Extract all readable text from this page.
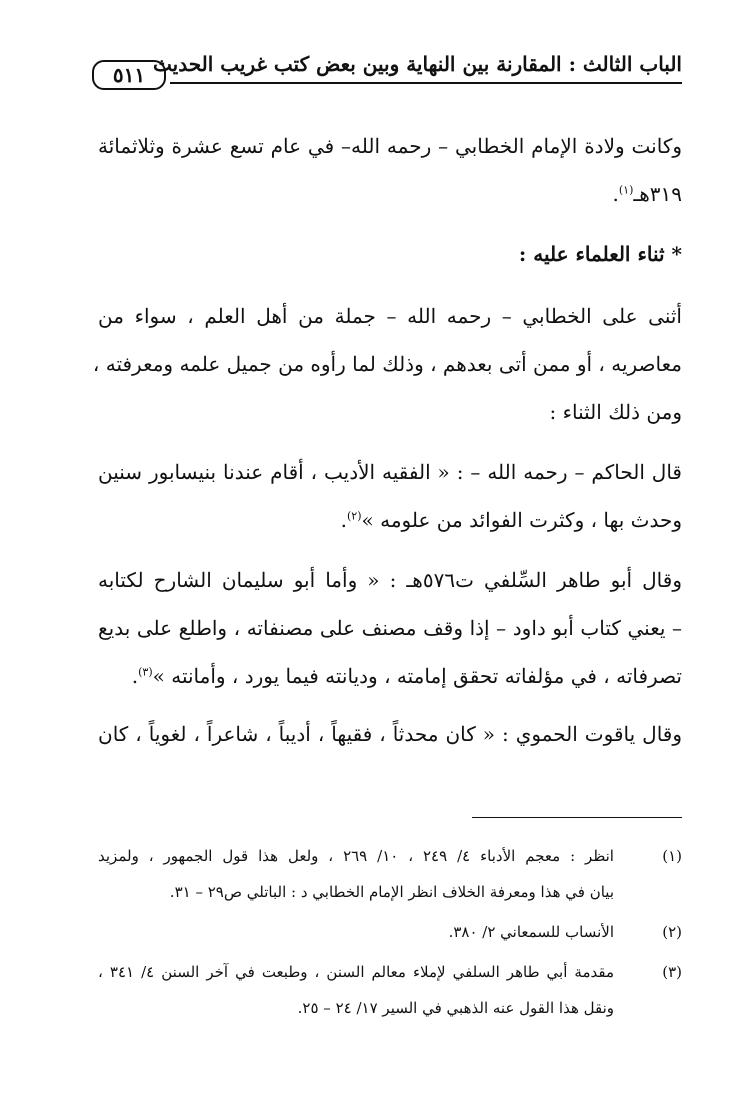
الباب الثالث : المقارنة بين النهاية وبين بعض كتب غريب الحديث
٥١١
وكانت ولادة الإمام الخطابي – رحمه الله– في عام تسع عشرة وثلاثمائة
٣١٩هـ$^{(١)}$.
* ثناء العلماء عليه :
أثنى على الخطابي – رحمه الله – جملة من أهل العلم ، سواء من
معاصريه ، أو ممن أتى بعدهم ، وذلك لما رأوه من جميل علمه ومعرفته ،
ومن ذلك الثناء :
قال الحاكم – رحمه الله – : « الفقيه الأديب ، أقام عندنا بنيسابور سنين
وحدث بها ، وكثرت الفوائد من علومه »$^{(٢)}$.
وقال أبو طاهر السِّلفي ت٥٧٦هـ : « وأما أبو سليمان الشارح لكتابه
– يعني كتاب أبو داود – إذا وقف مصنف على مصنفاته ، واطلع على بديع
تصرفاته ، في مؤلفاته تحقق إمامته ، وديانته فيما يورد ، وأمانته »$^{(٣)}$.
وقال ياقوت الحموي : « كان محدثاً ، فقيهاً ، أديباً ، شاعراً ، لغوياً ، كان
(١)
انظر : معجم الأدباء ٤/ ٢٤٩ ، ١٠/ ٢٦٩ ، ولعل هذا قول الجمهور ، ولمزيد
بيان في هذا ومعرفة الخلاف انظر الإمام الخطابي د : الباتلي ص٢٩ – ٣١.
(٢)
الأنساب للسمعاني ٢/ ٣٨٠.
(٣)
مقدمة أبي طاهر السلفي لإملاء معالم السنن ، وطبعت في آخر السنن ٤/ ٣٤١ ،
ونقل هذا القول عنه الذهبي في السير ١٧/ ٢٤ – ٢٥.
